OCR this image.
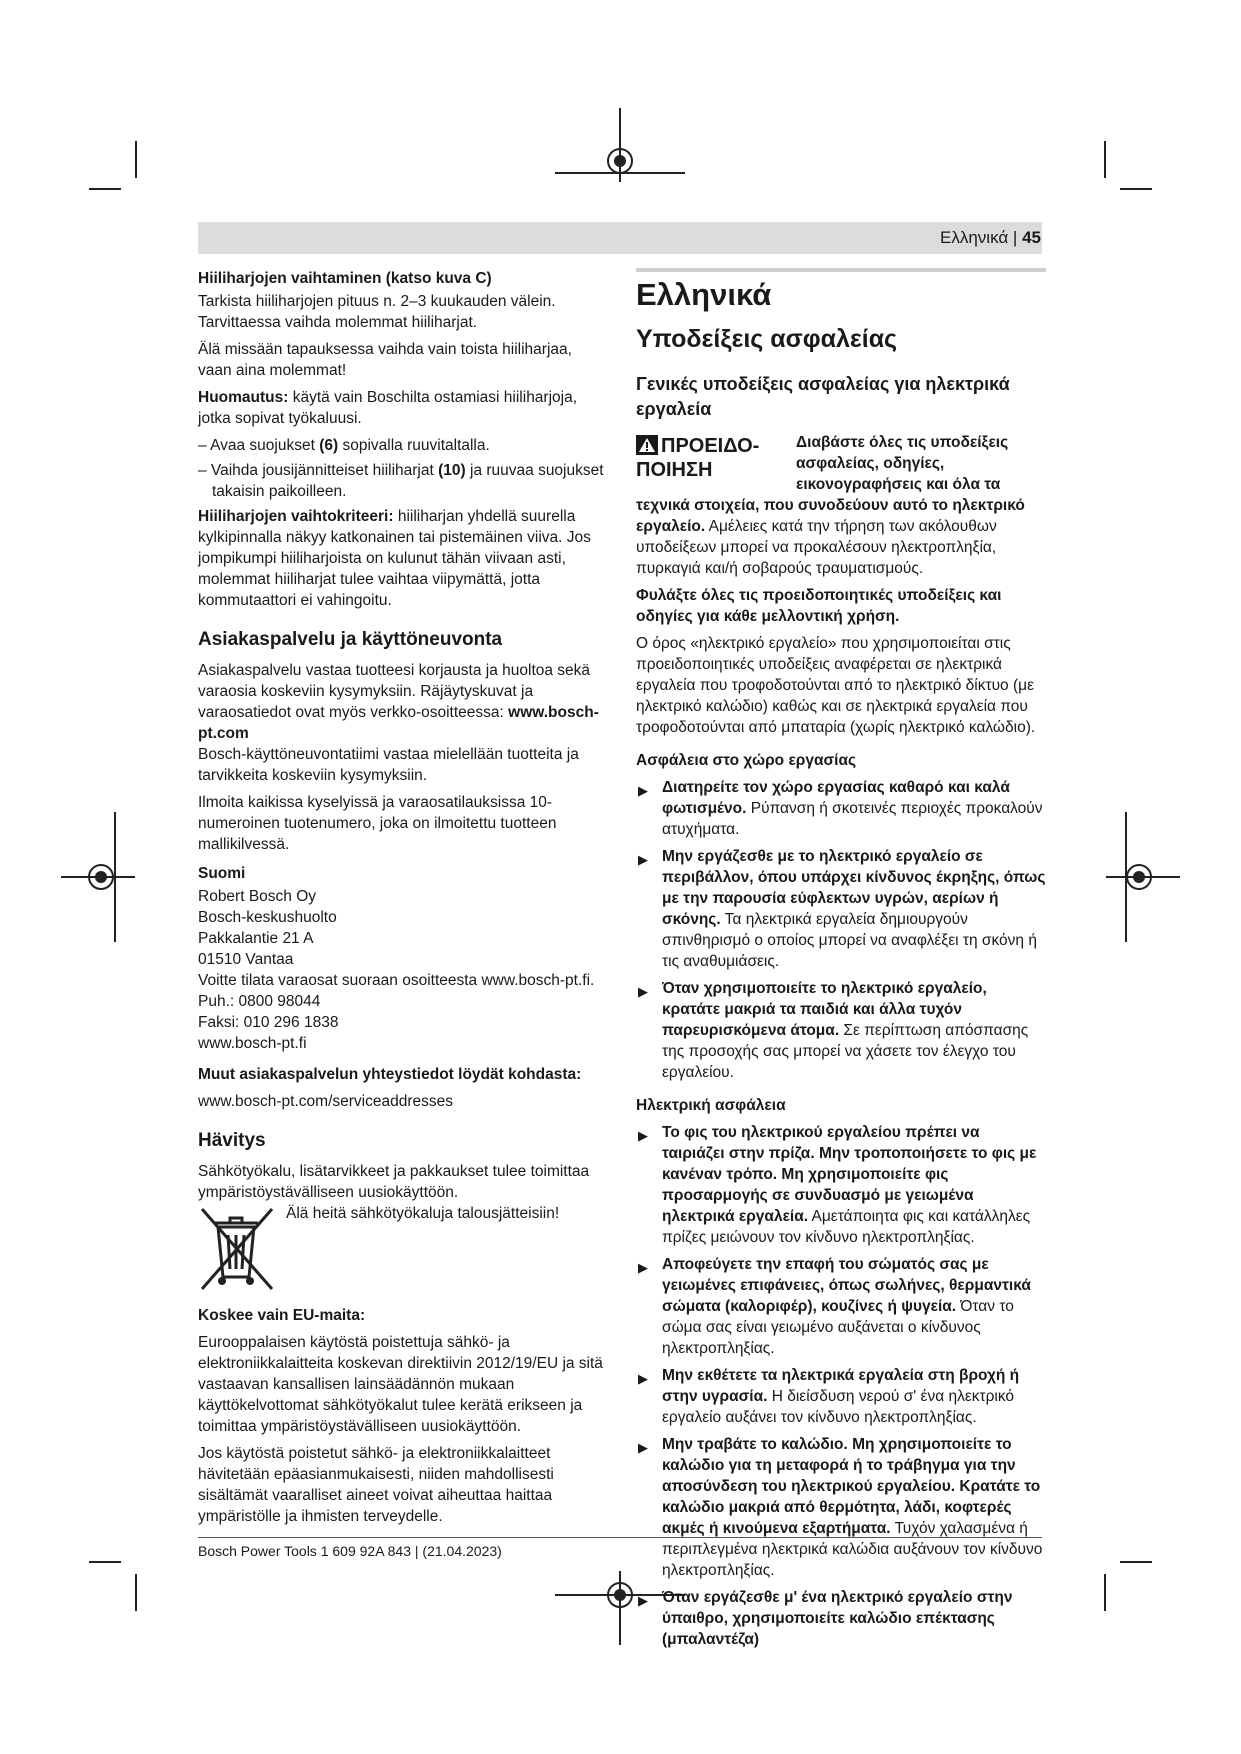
Ελληνικά | 45

Hiiliharjojen vaihtaminen (katso kuva C)

Tarkista hiiliharjojen pituus n. 2–3 kuukauden välein. Tarvittaessa vaihda molemmat hiiliharjat.

Älä missään tapauksessa vaihda vain toista hiiliharjaa, vaan aina molemmat!

Huomautus: käytä vain Boschilta ostamiasi hiiliharjoja, jotka sopivat työkaluusi.

– Avaa suojukset (6) sopivalla ruuvitaltalla.

– Vaihda jousijännitteiset hiiliharjat (10) ja ruuvaa suojukset takaisin paikoilleen.

Hiiliharjojen vaihtokriteeri: hiiliharjan yhdellä suurella kylkipinnalla näkyy katkonainen tai pistemäinen viiva. Jos jompikumpi hiiliharjoista on kulunut tähän viivaan asti, molemmat hiiliharjat tulee vaihtaa viipymättä, jotta kommutaattori ei vahingoitu.

Asiakaspalvelu ja käyttöneuvonta

Asiakaspalvelu vastaa tuotteesi korjausta ja huoltoa sekä varaosia koskeviin kysymyksiin. Räjäytyskuvat ja varaosatiedot ovat myös verkko-osoitteessa: www.bosch-pt.com
Bosch-käyttöneuvontatiimi vastaa mielellään tuotteita ja tarvikkeita koskeviin kysymyksiin.

Ilmoita kaikissa kyselyissä ja varaosatilauksissa 10-numeroinen tuotenumero, joka on ilmoitettu tuotteen mallikilvessä.

Suomi

Robert Bosch Oy

Bosch-keskushuolto

Pakkalantie 21 A

01510 Vantaa

Voitte tilata varaosat suoraan osoitteesta www.bosch-pt.fi.

Puh.: 0800 98044

Faksi: 010 296 1838

www.bosch-pt.fi

Muut asiakaspalvelun yhteystiedot löydät kohdasta:

www.bosch-pt.com/serviceaddresses

Hävitys

Sähkötyökalu, lisätarvikkeet ja pakkaukset tulee toimittaa ympäristöystävälliseen uusiokäyttöön.

Älä heitä sähkötyökaluja talousjätteisiin!

Koskee vain EU-maita:

Eurooppalaisen käytöstä poistettuja sähkö- ja elektroniikkalaitteita koskevan direktiivin 2012/19/EU ja sitä vastaavan kansallisen lainsäädännön mukaan käyttökelvottomat sähkötyökalut tulee kerätä erikseen ja toimittaa ympäristöystävälliseen uusiokäyttöön.

Jos käytöstä poistetut sähkö- ja elektroniikkalaitteet hävitetään epäasianmukaisesti, niiden mahdollisesti sisältämät vaaralliset aineet voivat aiheuttaa haittaa ympäristölle ja ihmisten terveydelle.

Ελληνικά
Υποδείξεις ασφαλείας
Γενικές υποδείξεις ασφαλείας για ηλεκτρικά εργαλεία
ΠΡΟΕΙΔΟ-ΠΟΙΗΣΗ

Διαβάστε όλες τις υποδείξεις ασφαλείας, οδηγίες, εικονογραφήσεις και όλα τα τεχνικά στοιχεία, που συνοδεύουν αυτό το ηλεκτρικό εργαλείο. Αμέλειες κατά την τήρηση των ακόλουθων υποδείξεων μπορεί να προκαλέσουν ηλεκτροπληξία, πυρκαγιά και/ή σοβαρούς τραυματισμούς.

Φυλάξτε όλες τις προειδοποιητικές υποδείξεις και οδηγίες για κάθε μελλοντική χρήση.

Ο όρος «ηλεκτρικό εργαλείο» που χρησιμοποιείται στις προειδοποιητικές υποδείξεις αναφέρεται σε ηλεκτρικά εργαλεία που τροφοδοτούνται από το ηλεκτρικό δίκτυο (με ηλεκτρικό καλώδιο) καθώς και σε ηλεκτρικά εργαλεία που τροφοδοτούνται από μπαταρία (χωρίς ηλεκτρικό καλώδιο).

Ασφάλεια στο χώρο εργασίας

▶ Διατηρείτε τον χώρο εργασίας καθαρό και καλά φωτισμένο. Ρύπανση ή σκοτεινές περιοχές προκαλούν ατυχήματα.
▶ Μην εργάζεσθε με το ηλεκτρικό εργαλείο σε περιβάλλον, όπου υπάρχει κίνδυνος έκρηξης, όπως με την παρουσία εύφλεκτων υγρών, αερίων ή σκόνης. Τα ηλεκτρικά εργαλεία δημιουργούν σπινθηρισμό ο οποίος μπορεί να αναφλέξει τη σκόνη ή τις αναθυμιάσεις.
▶ Όταν χρησιμοποιείτε το ηλεκτρικό εργαλείο, κρατάτε μακριά τα παιδιά και άλλα τυχόν παρευρισκόμενα άτομα. Σε περίπτωση απόσπασης της προσοχής σας μπορεί να χάσετε τον έλεγχο του εργαλείου.

Ηλεκτρική ασφάλεια

▶ Το φις του ηλεκτρικού εργαλείου πρέπει να ταιριάζει στην πρίζα. Μην τροποποιήσετε το φις με κανέναν τρόπο. Μη χρησιμοποιείτε φις προσαρμογής σε συνδυασμό με γειωμένα ηλεκτρικά εργαλεία. Αμετάποιητα φις και κατάλληλες πρίζες μειώνουν τον κίνδυνο ηλεκτροπληξίας.
▶ Αποφεύγετε την επαφή του σώματός σας με γειωμένες επιφάνειες, όπως σωλήνες, θερμαντικά σώματα (καλοριφέρ), κουζίνες ή ψυγεία. Όταν το σώμα σας είναι γειωμένο αυξάνεται ο κίνδυνος ηλεκτροπληξίας.
▶ Μην εκθέτετε τα ηλεκτρικά εργαλεία στη βροχή ή στην υγρασία. Η διείσδυση νερού σ' ένα ηλεκτρικό εργαλείο αυξάνει τον κίνδυνο ηλεκτροπληξίας.
▶ Μην τραβάτε το καλώδιο. Μη χρησιμοποιείτε το καλώδιο για τη μεταφορά ή το τράβηγμα για την αποσύνδεση του ηλεκτρικού εργαλείου. Κρατάτε το καλώδιο μακριά από θερμότητα, λάδι, κοφτερές ακμές ή κινούμενα εξαρτήματα. Τυχόν χαλασμένα ή περιπλεγμένα ηλεκτρικά καλώδια αυξάνουν τον κίνδυνο ηλεκτροπληξίας.
▶ Όταν εργάζεσθε μ' ένα ηλεκτρικό εργαλείο στην ύπαιθρο, χρησιμοποιείτε καλώδιο επέκτασης (μπαλαντέζα)
Bosch Power Tools 1 609 92A 843 | (21.04.2023)
